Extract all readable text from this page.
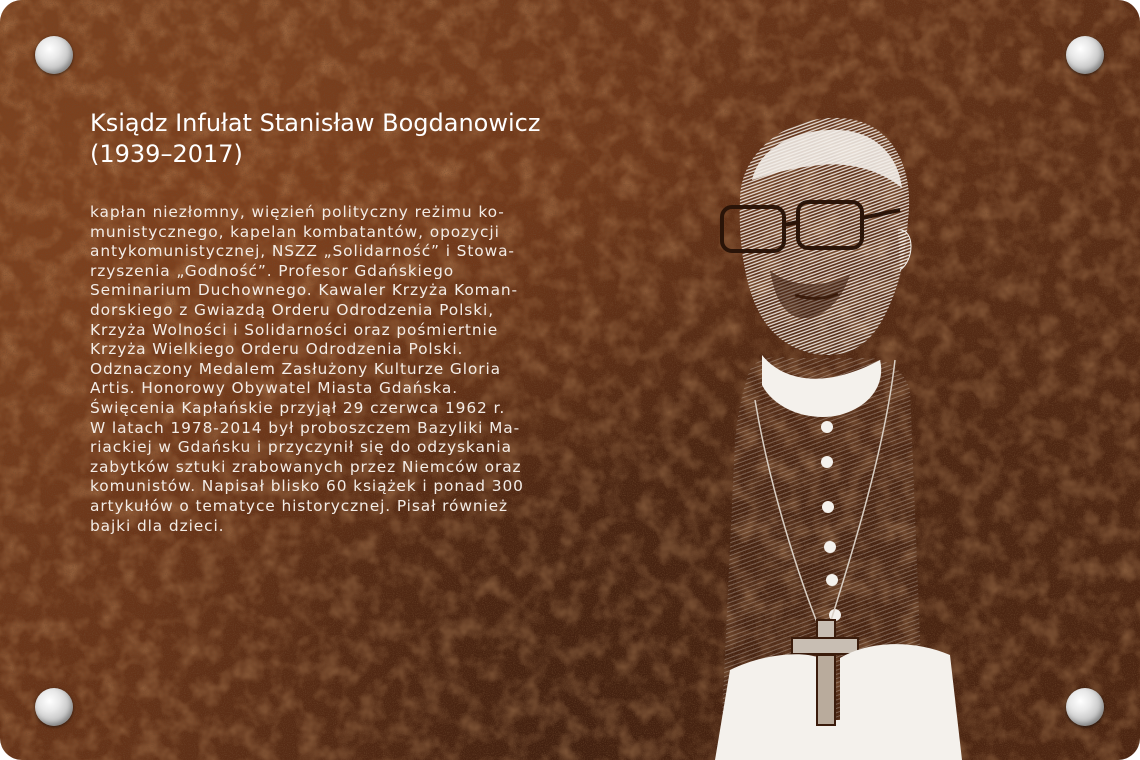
Ksiądz Infułat Stanisław Bogdanowicz
(1939–2017)
kapłan niezłomny, więzień polityczny reżimu ko-
munistycznego, kapelan kombatantów, opozycji
antykomunistycznej, NSZZ „Solidarność” i Stowa-
rzyszenia „Godność”. Profesor Gdańskiego
Seminarium Duchownego. Kawaler Krzyża Koman-
dorskiego z Gwiazdą Orderu Odrodzenia Polski,
Krzyża Wolności i Solidarności oraz pośmiertnie
Krzyża Wielkiego Orderu Odrodzenia Polski.
Odznaczony Medalem Zasłużony Kulturze Gloria
Artis. Honorowy Obywatel Miasta Gdańska.
Święcenia Kapłańskie przyjął 29 czerwca 1962 r.
W latach 1978-2014 był proboszczem Bazyliki Ma-
riackiej w Gdańsku i przyczynił się do odzyskania
zabytków sztuki zrabowanych przez Niemców oraz
komunistów. Napisał blisko 60 książek i ponad 300
artykułów o tematyce historycznej. Pisał również
bajki dla dzieci.
